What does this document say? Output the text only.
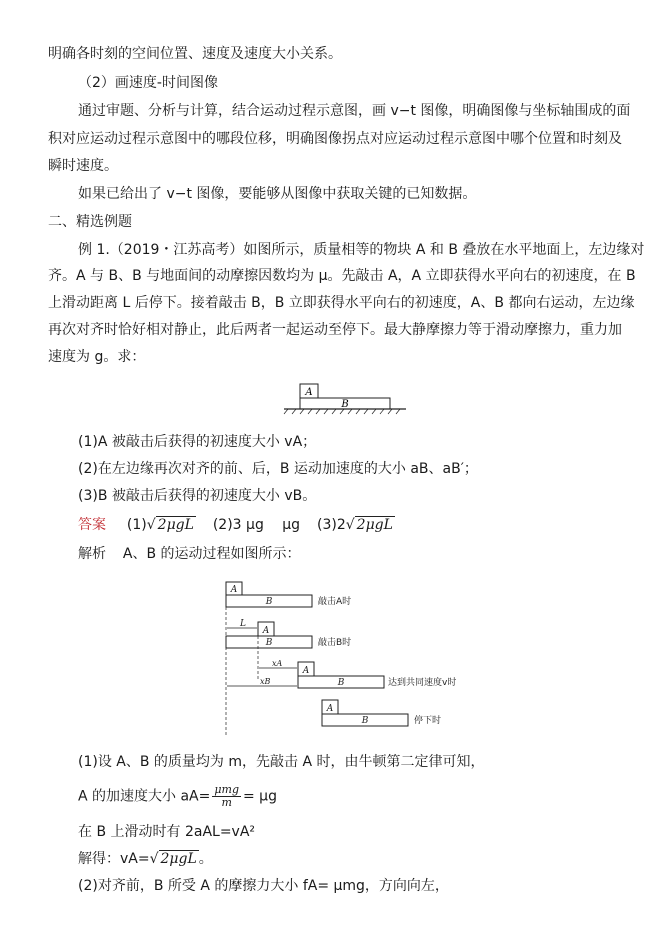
明确各时刻的空间位置、速度及速度大小关系。
（2）画速度-时间图像
通过审题、分析与计算，结合运动过程示意图，画 v−t 图像，明确图像与坐标轴围成的面
积对应运动过程示意图中的哪段位移，明确图像拐点对应运动过程示意图中哪个位置和时刻及
瞬时速度。
如果已给出了 v−t 图像，要能够从图像中获取关键的已知数据。
二、精选例题
例 1.（2019・江苏高考）如图所示，质量相等的物块 A 和 B 叠放在水平地面上，左边缘对
齐。A 与 B、B 与地面间的动摩擦因数均为 μ。先敲击 A，A 立即获得水平向右的初速度，在 B
上滑动距离 L 后停下。接着敲击 B，B 立即获得水平向右的初速度，A、B 都向右运动，左边缘
再次对齐时恰好相对静止，此后两者一起运动至停下。最大静摩擦力等于滑动摩擦力，重力加
速度为 g。求：
A
B
(1)A 被敲击后获得的初速度大小 vA；
(2)在左边缘再次对齐的前、后，B 运动加速度的大小 aB、aB′；
(3)B 被敲击后获得的初速度大小 vB。
答案 (1)√ 2μgL (2)3 μg　 μg (3)2√ 2μgL
解析 A、B 的运动过程如图所示：
A
B	敲击A时
A
B	敲击B时
L
xA
xB
A
B	达到共同速度v时
A
B	停下时
(1)设 A、B 的质量均为 m，先敲击 A 时，由牛顿第二定律可知，
A 的加速度大小 $aA= \frac{\text{μmg}}{m} = \mu g$
在 B 上滑动时有 2aAL=vA²
解得：vA=√ 2μgL 。
(2)对齐前，B 所受 A 的摩擦力大小 fA= μmg，方向向左，
